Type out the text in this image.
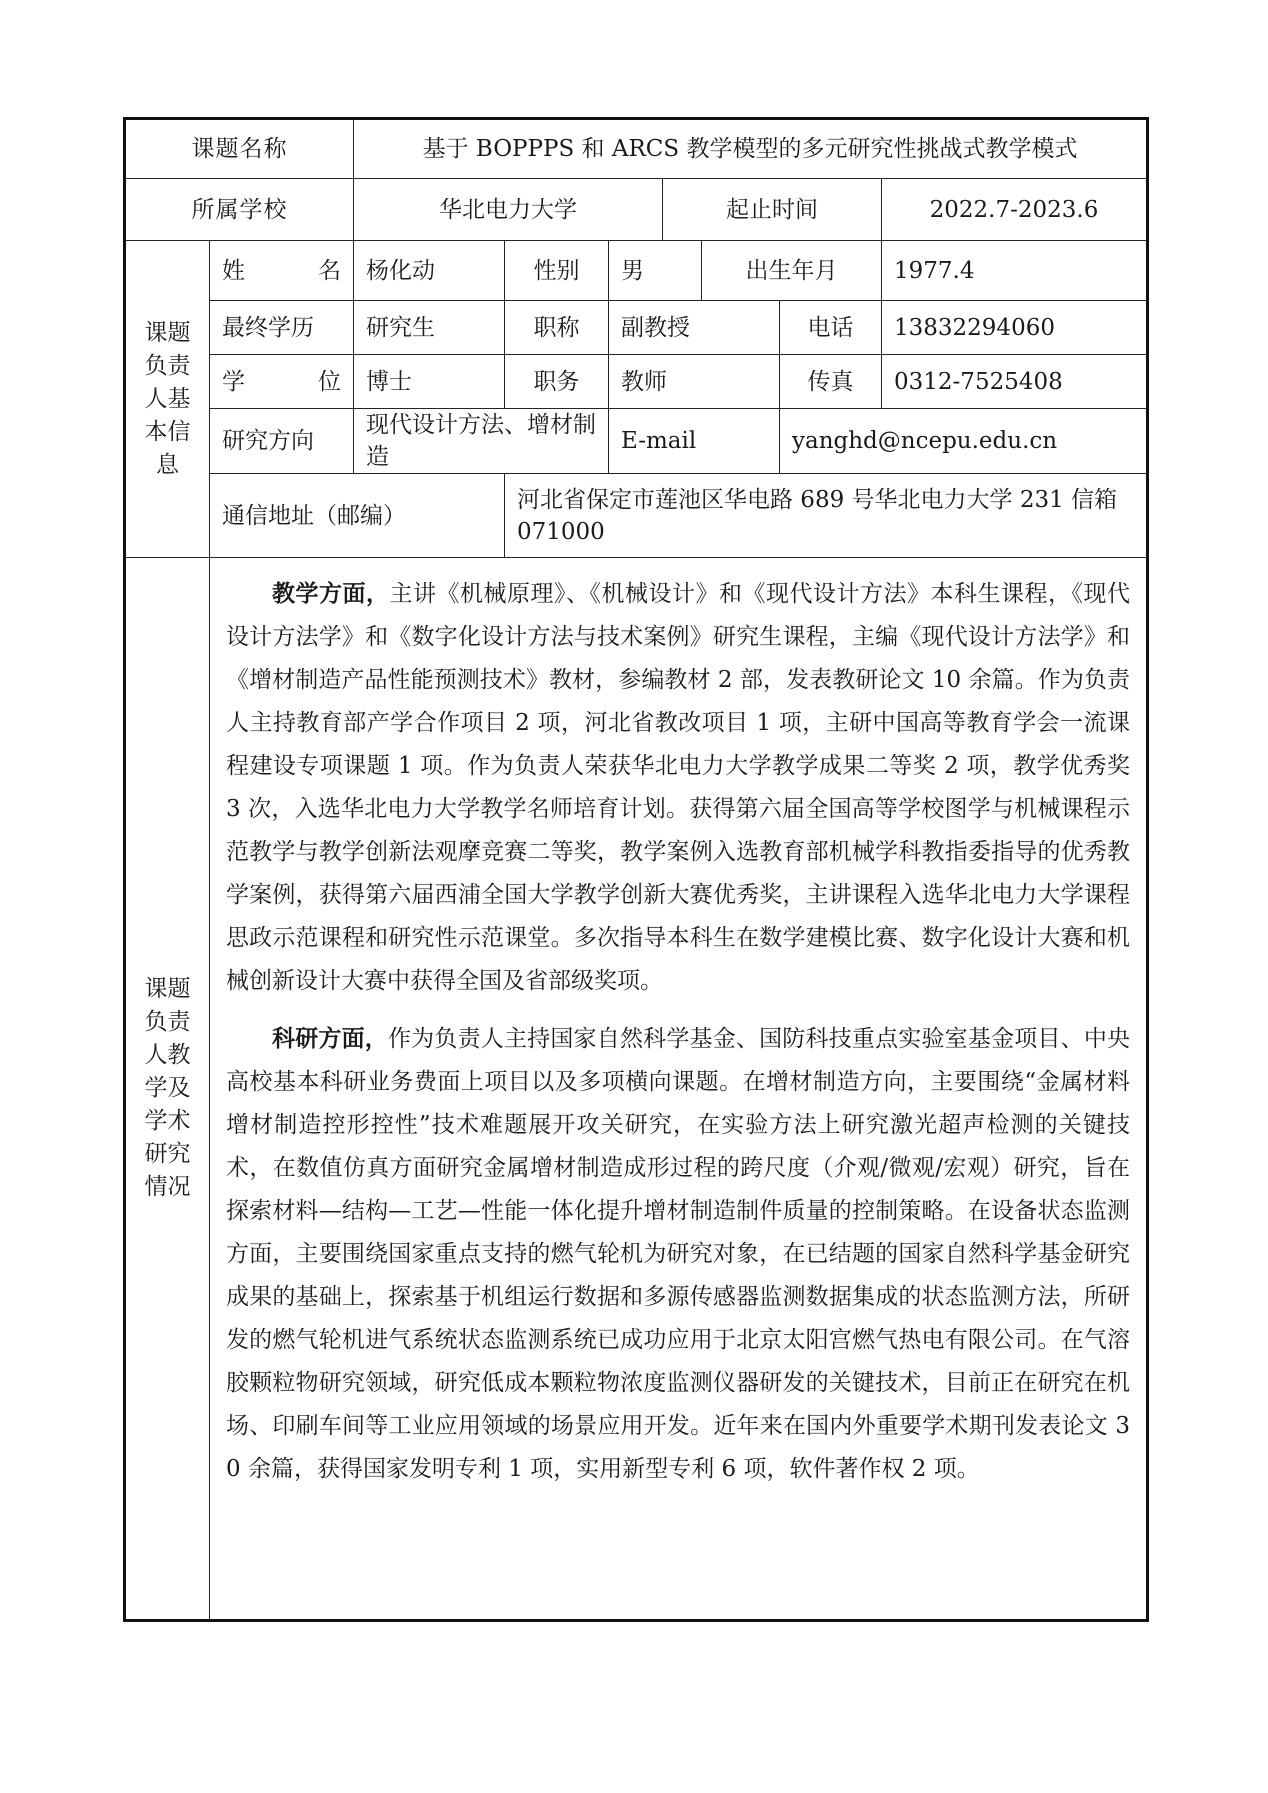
课题名称		基于 BOPPPS 和 ARCS 教学模型的多元研究性挑战式教学模式						
所属学校		华北电力大学			起止时间			2022.7-2023.6
课题负责人基本信息	姓 名	杨化动	性别	男		出生年月		1977.4
	最终学历	研究生	职称	副教授			电话	13832294060

	学 位	博士	职务	教师			传真	0312-7525408
	研究方向	现代设计方法、增材制造		E-mail			yanghd@ncepu.edu.cn	
	通信地址（邮编）		河北省保定市莲池区华电路 689 号华北电力大学 231 信箱 071000					
课题负责人教学及学术研究情况	教学方面，主讲《机械原理》、《机械设计》和《现代设计方法》本科生课程，《现代设计方法学》和《数字化设计方法与技术案例》研究生课程，主编《现代设计方法学》和《增材制造产品性能预测技术》教材，参编教材 2 部，发表教研论文 10 余篇。作为负责人主持教育部产学合作项目 2 项，河北省教改项目 1 项，主研中国高等教育学会一流课程建设专项课题 1 项。作为负责人荣获华北电力大学教学成果二等奖 2 项，教学优秀奖 3 次，入选华北电力大学教学名师培育计划。获得第六届全国高等学校图学与机械课程示范教学与教学创新法观摩竞赛二等奖，教学案例入选教育部机械学科教指委指导的优秀教学案例，获得第六届西浦全国大学教学创新大赛优秀奖，主讲课程入选华北电力大学课程思政示范课程和研究性示范课堂。多次指导本科生在数学建模比赛、数字化设计大赛和机械创新设计大赛中获得全国及省部级奖项。

科研方面，作为负责人主持国家自然科学基金、国防科技重点实验室基金项目、中央高校基本科研业务费面上项目以及多项横向课题。在增材制造方向，主要围绕“金属材料增材制造控形控性”技术难题展开攻关研究，在实验方法上研究激光超声检测的关键技术，在数值仿真方面研究金属增材制造成形过程的跨尺度（介观/微观/宏观）研究，旨在探索材料—结构—工艺—性能一体化提升增材制造制件质量的控制策略。在设备状态监测方面，主要围绕国家重点支持的燃气轮机为研究对象，在已结题的国家自然科学基金研究成果的基础上，探索基于机组运行数据和多源传感器监测数据集成的状态监测方法，所研发的燃气轮机进气系统状态监测系统已成功应用于北京太阳宫燃气热电有限公司。在气溶胶颗粒物研究领域，研究低成本颗粒物浓度监测仪器研发的关键技术，目前正在研究在机场、印刷车间等工业应用领域的场景应用开发。近年来在国内外重要学术期刊发表论文 30 余篇，获得国家发明专利 1 项，实用新型专利 6 项，软件著作权 2 项。							
